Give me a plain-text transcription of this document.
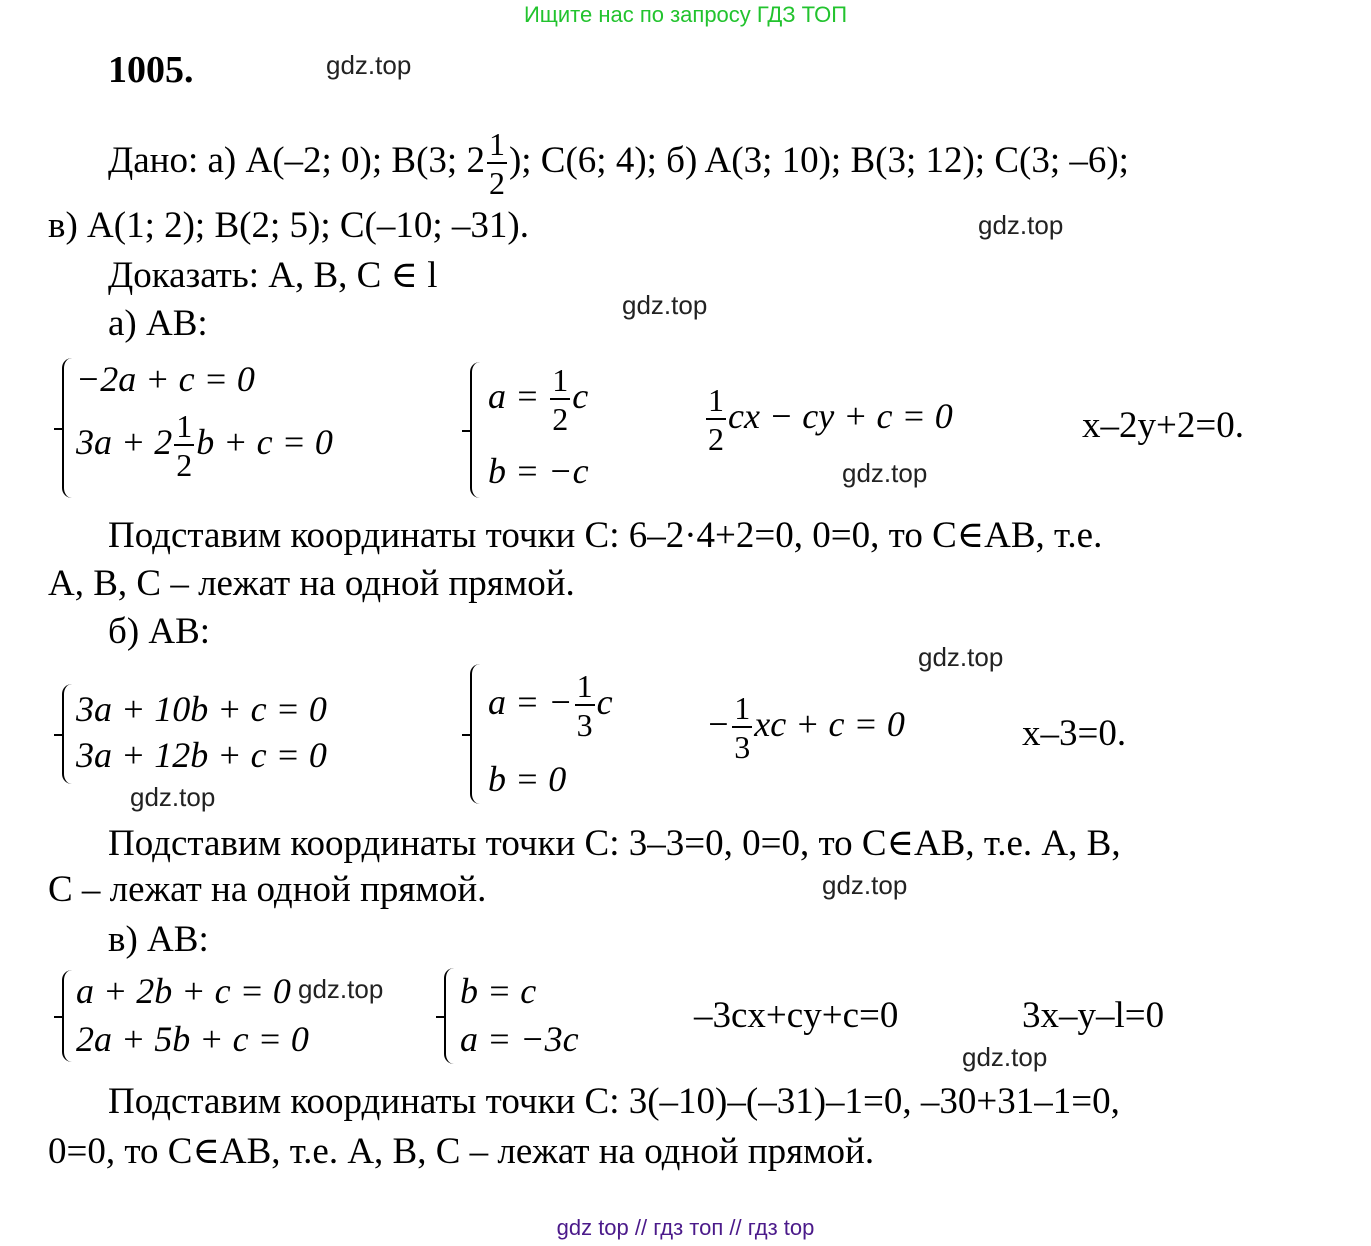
Ищите нас по запросу ГДЗ ТОП
1005.	gdz.top
Дано: а) A(–2; 0); B(3; $2 \frac{1}{2}$ ); C(6; 4); б) A(3; 10); B(3; 12); C(3; –6);
в) A(1; 2); B(2; 5); C(–10; –31).	gdz.top
Доказать: A, B, C ∈ l
gdz.top
а) AB:
−2a + c = 0
$3a + 2 \frac{1}{2}$ b + c = 0
$a = \frac{1}{2}$ c
b = −c
$\frac{1}{2}$ cx − cy + c = 0
gdz.top
x–2y+2=0.
Подставим координаты точки C: 6–2·4+2=0, 0=0, то C∈AB, т.е.
A, B, C – лежат на одной прямой.
б) AB:
gdz.top
3a + 10b + c = 0
3a + 12b + c = 0
gdz.top
a = − $\frac{1}{3}$ c
b = 0
− $\frac{1}{3}$ xc + c = 0	x–3=0.
Подставим координаты точки C: 3–3=0, 0=0, то C∈AB, т.е. A, B,
C – лежат на одной прямой.	gdz.top
в) AB:
a + 2b + c = 0 gdz.top
2a + 5b + c = 0
b = c
a = −3c
–3cx+cy+c=0	3x–y–l=0
gdz.top
Подставим координаты точки C: 3(–10)–(–31)–1=0, –30+31–1=0,
0=0, то C∈AB, т.е. A, B, C – лежат на одной прямой.
gdz top // гдз топ // гдз top
